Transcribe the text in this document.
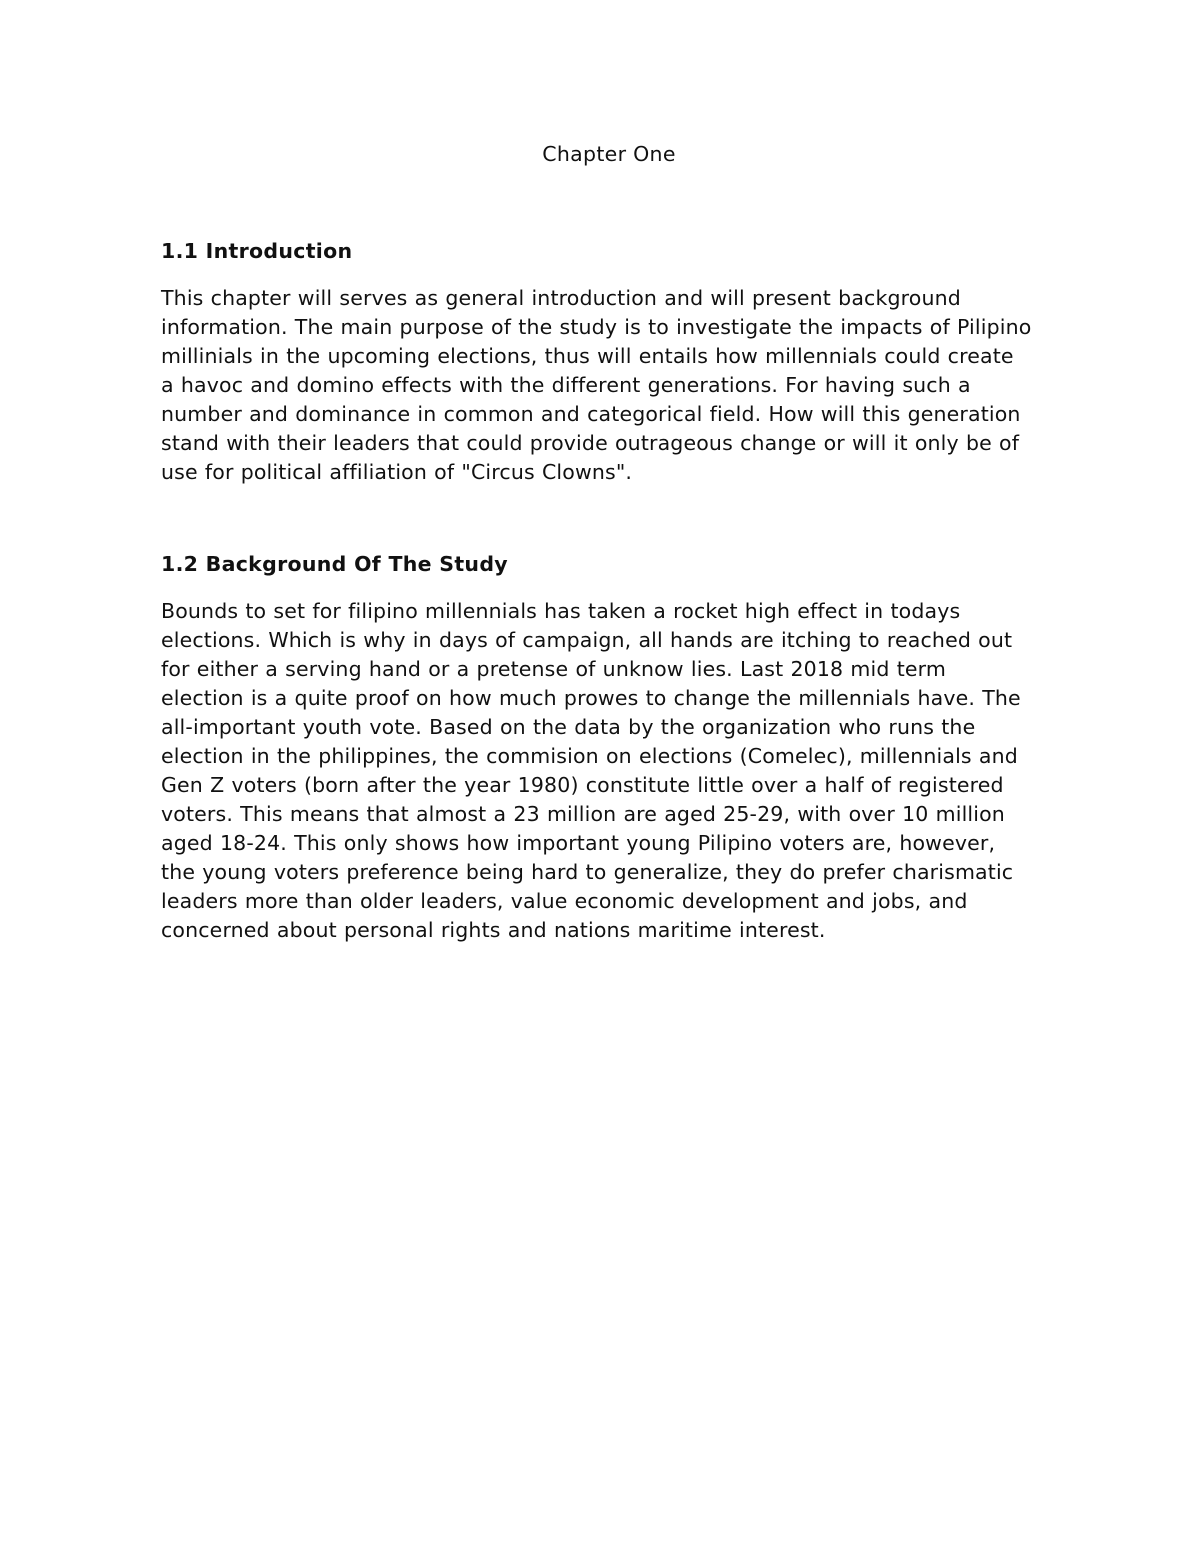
Chapter One
1.1 Introduction

This chapter will serves as general introduction and will present background
information. The main purpose of the study is to investigate the impacts of Pilipino
millinials in the upcoming elections, thus will entails how millennials could create
a havoc and domino effects with the different generations. For having such a
number and dominance in common and categorical field. How will this generation
stand with their leaders that could provide outrageous change or will it only be of
use for political affiliation of "Circus Clowns".

1.2 Background Of The Study

Bounds to set for filipino millennials has taken a rocket high effect in todays
elections. Which is why in days of campaign, all hands are itching to reached out
for either a serving hand or a pretense of unknow lies. Last 2018 mid term
election is a quite proof on how much prowes to change the millennials have. The
all-important youth vote. Based on the data by the organization who runs the
election in the philippines, the commision on elections (Comelec), millennials and
Gen Z voters (born after the year 1980) constitute little over a half of registered
voters. This means that almost a 23 million are aged 25-29, with over 10 million
aged 18-24. This only shows how important young Pilipino voters are, however,
the young voters preference being hard to generalize, they do prefer charismatic
leaders more than older leaders, value economic development and jobs, and
concerned about personal rights and nations maritime interest.
